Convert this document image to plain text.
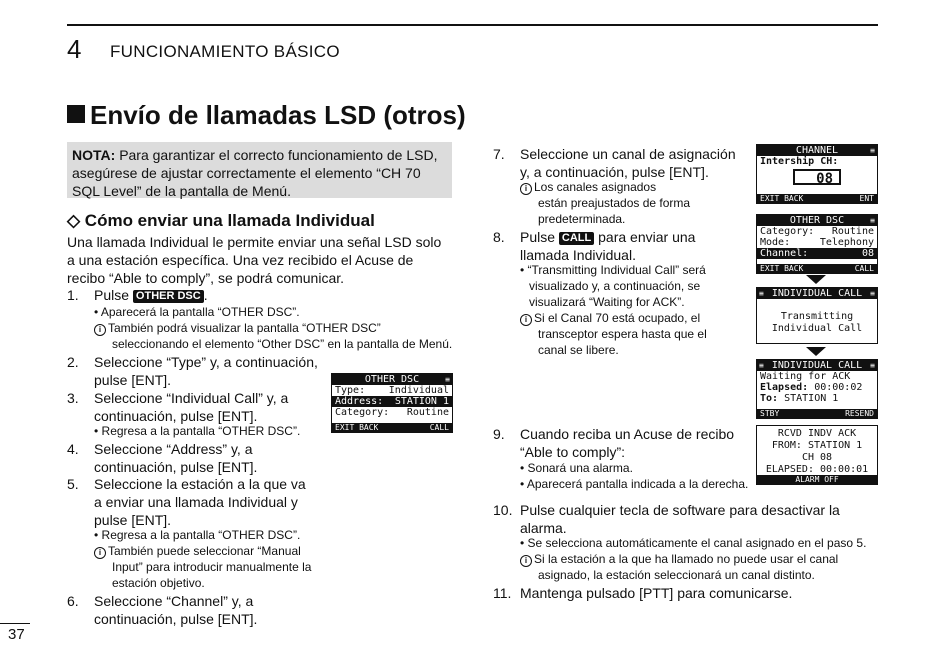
4 FUNCIONAMIENTO BÁSICO
Envío de llamadas LSD (otros)
NOTA: Para garantizar el correcto funcionamiento de LSD,
asegúrese de ajustar correctamente el elemento “CH 70
SQL Level” de la pantalla de Menú.
◇ Cómo enviar una llamada Individual
Una llamada Individual le permite enviar una señal LSD solo
a una estación específica. Una vez recibido el Acuse de
recibo “Able to comply”, se podrá comunicar.
1. Pulse OTHER DSC .
• Aparecerá la pantalla “OTHER DSC”.
i También podrá visualizar la pantalla “OTHER DSC”
seleccionando el elemento “Other DSC” en la pantalla de Menú.
2. Seleccione “Type” y, a continuación,
pulse [ENT].
3. Seleccione “Individual Call” y, a
continuación, pulse [ENT].
• Regresa a la pantalla “OTHER DSC”.
4. Seleccione “Address” y, a
continuación, pulse [ENT].
5. Seleccione la estación a la que va
a enviar una llamada Individual y
pulse [ENT].
• Regresa a la pantalla “OTHER DSC”.
i También puede seleccionar “Manual
Input” para introducir manualmente la
estación objetivo.
6. Seleccione “Channel” y, a
continuación, pulse [ENT].
OTHER DSC	≡
Type: Individual
Address: STATION 1
Category: Routine
EXIT BACK	CALL
7. Seleccione un canal de asignación
y, a continuación, pulse [ENT].
i Los canales asignados
están preajustados de forma
predeterminada.
8. Pulse CALL para enviar una
llamada Individual.
• “Transmitting Individual Call” será
visualizado y, a continuación, se
visualizará “Waiting for ACK”.
i Si el Canal 70 está ocupado, el
transceptor espera hasta que el
canal se libere.
9. Cuando reciba un Acuse de recibo
“Able to comply”:
• Sonará una alarma.
• Aparecerá pantalla indicada a la derecha.
10. Pulse cualquier tecla de software para desactivar la
alarma.
• Se selecciona automáticamente el canal asignado en el paso 5.
i Si la estación a la que ha llamado no puede usar el canal
asignado, la estación seleccionará un canal distinto.
11. Mantenga pulsado [PTT] para comunicarse.
CHANNEL	≡
Intership CH:
08
EXIT BACK	ENT
OTHER DSC	≡
Category: Routine
Mode:	Telephony
Channel:	08
EXIT BACK	CALL
≡ INDIVIDUAL CALL ≡
Transmitting
Individual Call
≡ INDIVIDUAL CALL ≡
Waiting for ACK
Elapsed:
00:00:02
To:
STATION 1
STBY	RESEND
RCVD INDV ACK
FROM: STATION 1
CH 08
ELAPSED: 00:00:01
ALARM OFF
37
